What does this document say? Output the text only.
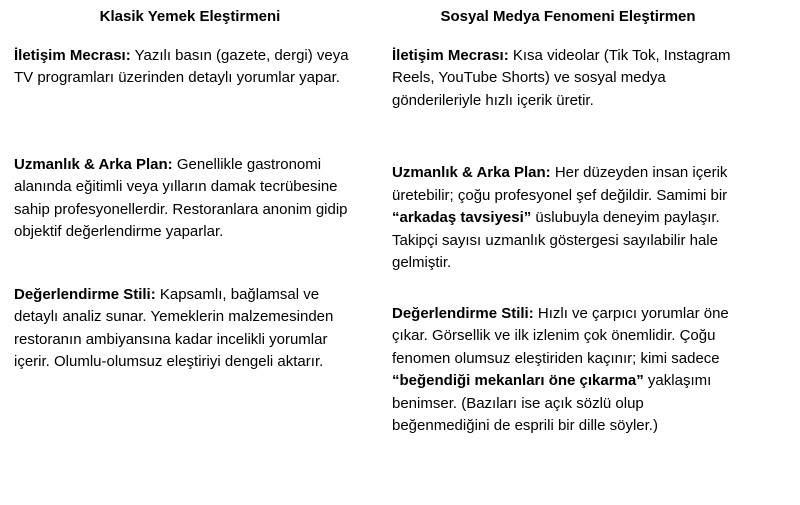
Klasik Yemek Eleştirmeni
İletişim Mecrası: Yazılı basın (gazete, dergi) veya TV programları üzerinden detaylı yorumlar yapar.
Uzmanlık & Arka Plan: Genellikle gastronomi alanında eğitimli veya yılların damak tecrübesine sahip profesyonellerdir. Restoranlara anonim gidip objektif değerlendirme yaparlar.
Değerlendirme Stili: Kapsamlı, bağlamsal ve detaylı analiz sunar. Yemeklerin malzemesinden restoranın ambiyansına kadar incelikli yorumlar içerir. Olumlu-olumsuz eleştiriyi dengeli aktarır.
Sosyal Medya Fenomeni Eleştirmen
İletişim Mecrası: Kısa videolar (Tik Tok, Instagram Reels, YouTube Shorts) ve sosyal medya gönderileriyle hızlı içerik üretir.
Uzmanlık & Arka Plan: Her düzeyden insan içerik üretebilir; çoğu profesyonel şef değildir. Samimi bir “arkadaş tavsiyesi” üslubuyla deneyim paylaşır. Takipçi sayısı uzmanlık göstergesi sayılabilir hale gelmiştir.
Değerlendirme Stili: Hızlı ve çarpıcı yorumlar öne çıkar. Görsellik ve ilk izlenim çok önemlidir. Çoğu fenomen olumsuz eleştiriden kaçınır; kimi sadece “beğendiği mekanları öne çıkarma” yaklaşımı benimser. (Bazıları ise açık sözlü olup beğenmediğini de esprili bir dille söyler.)
